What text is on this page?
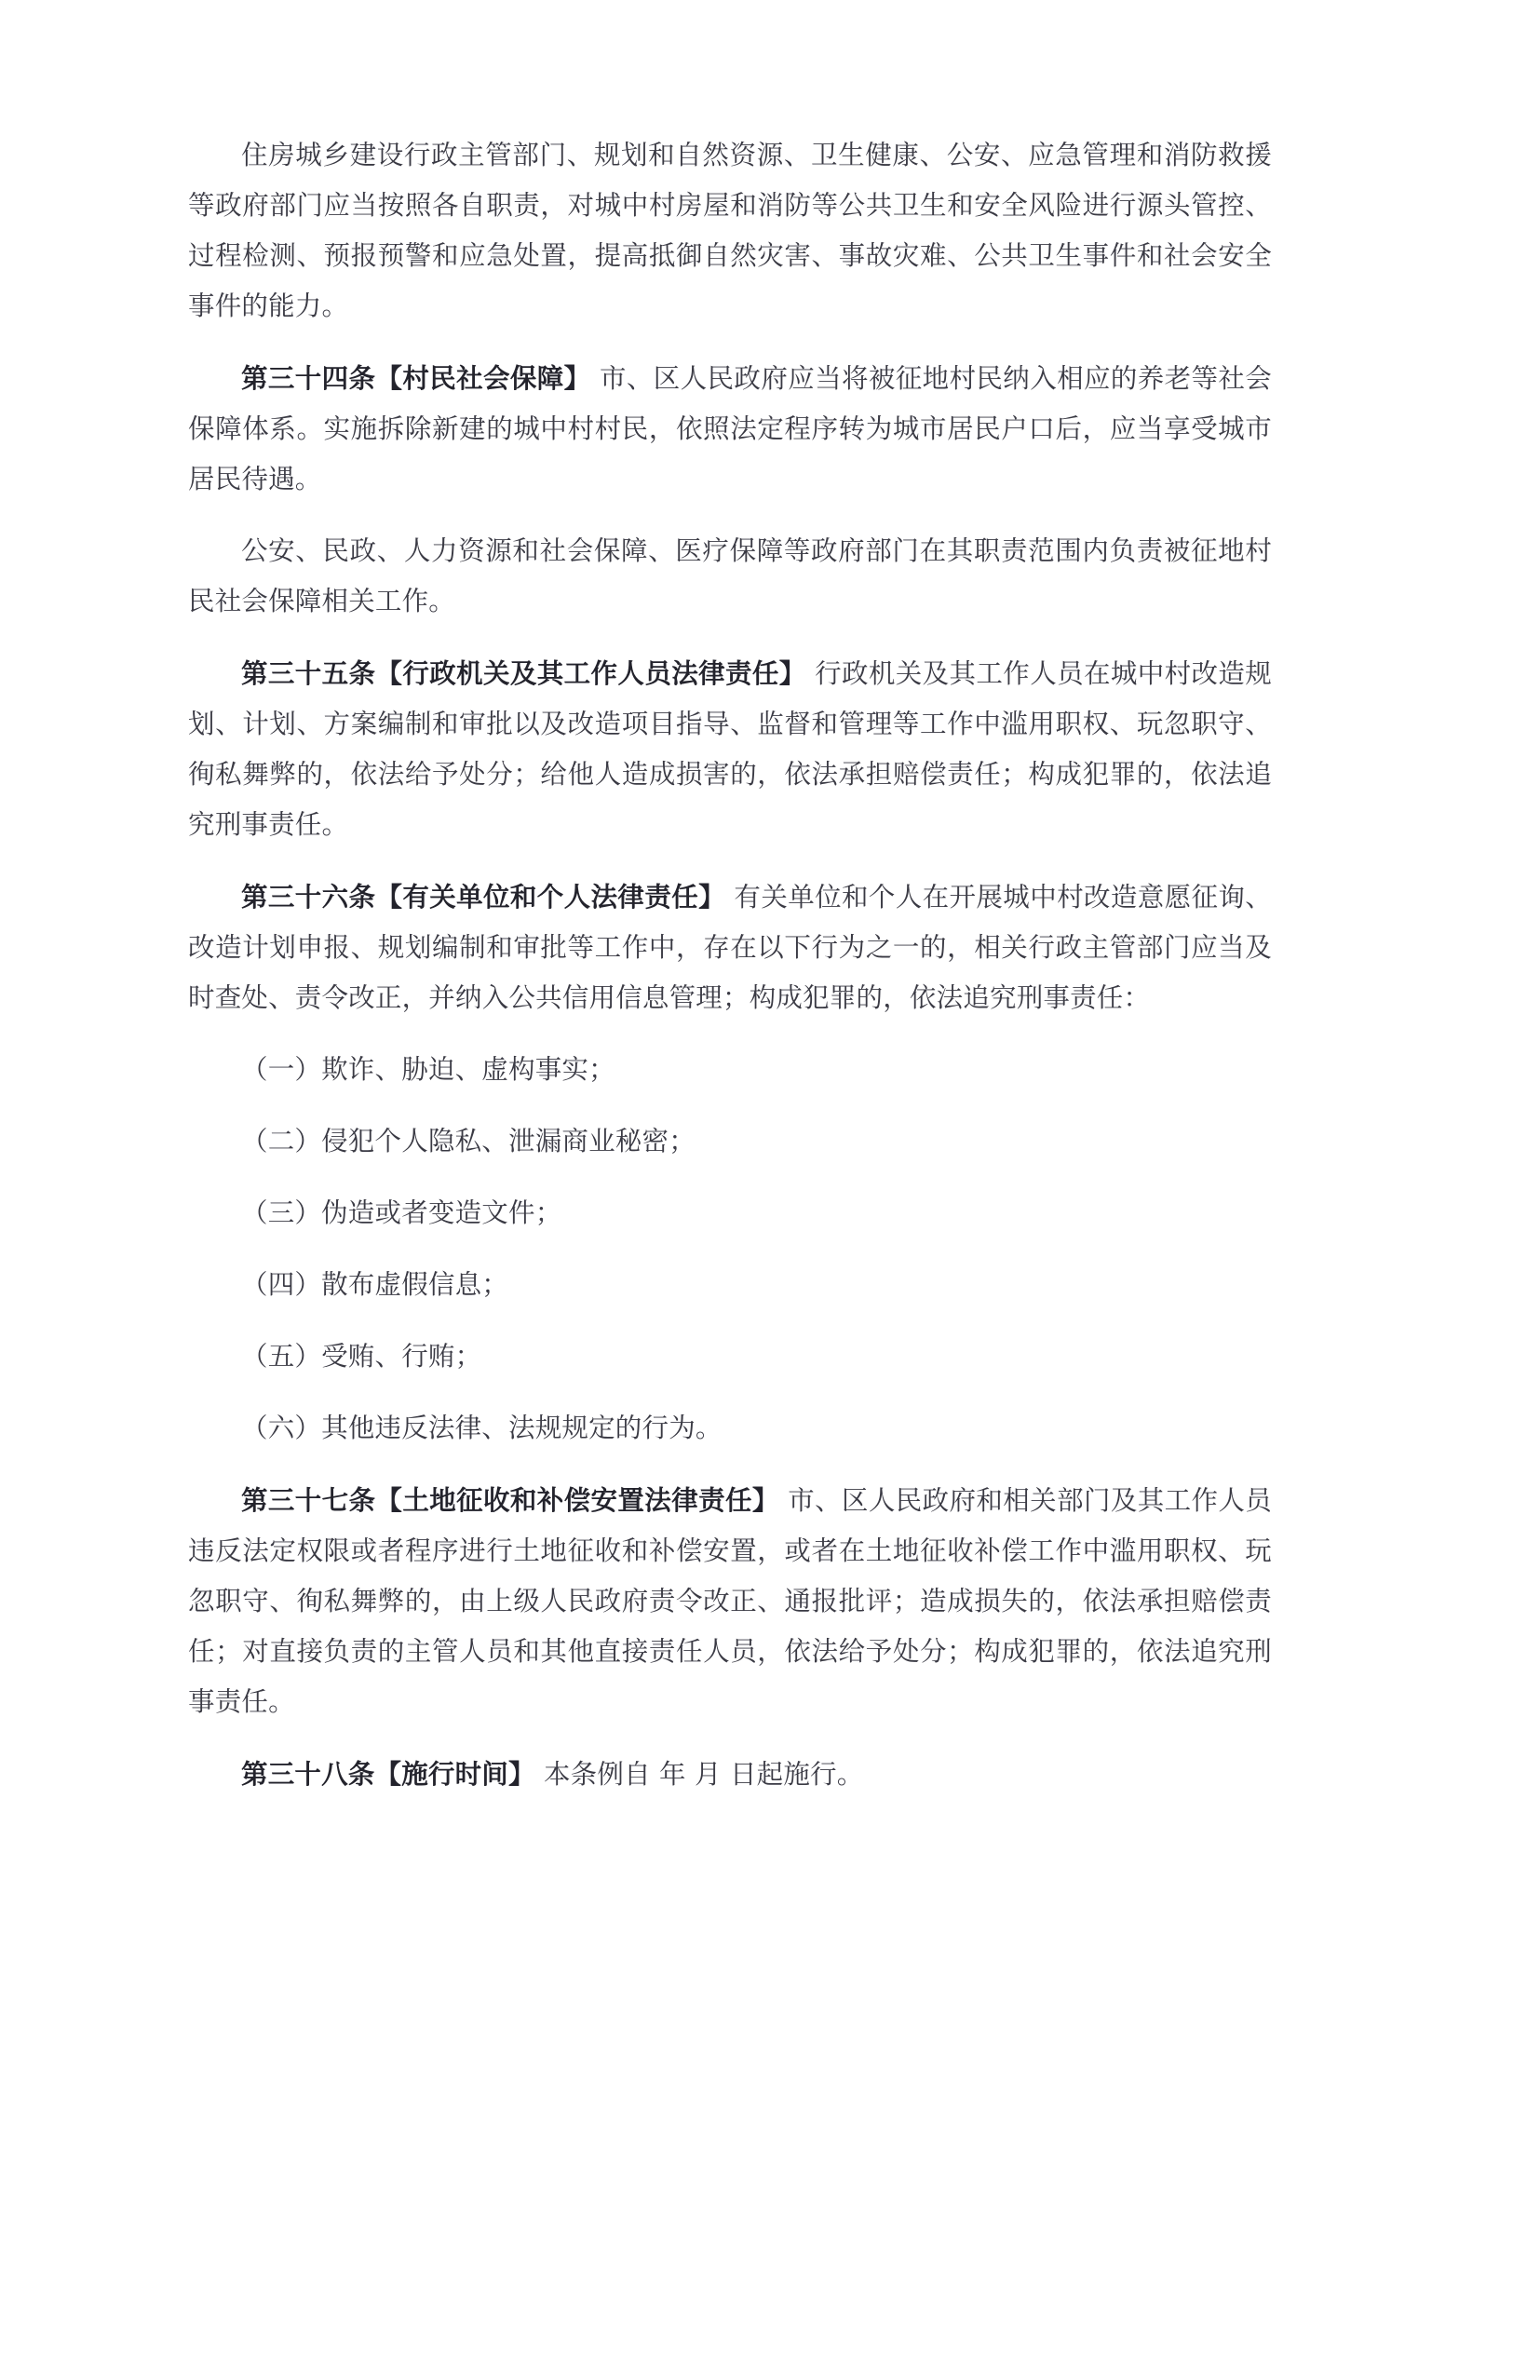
住房城乡建设行政主管部门、规划和自然资源、卫生健康、公安、应急管理和消防救援等政府部门应当按照各自职责，对城中村房屋和消防等公共卫生和安全风险进行源头管控、过程检测、预报预警和应急处置，提高抵御自然灾害、事故灾难、公共卫生事件和社会安全事件的能力。

第三十四条【村民社会保障】 市、区人民政府应当将被征地村民纳入相应的养老等社会保障体系。实施拆除新建的城中村村民，依照法定程序转为城市居民户口后，应当享受城市居民待遇。

公安、民政、人力资源和社会保障、医疗保障等政府部门在其职责范围内负责被征地村民社会保障相关工作。

第三十五条【行政机关及其工作人员法律责任】 行政机关及其工作人员在城中村改造规划、计划、方案编制和审批以及改造项目指导、监督和管理等工作中滥用职权、玩忽职守、徇私舞弊的，依法给予处分；给他人造成损害的，依法承担赔偿责任；构成犯罪的，依法追究刑事责任。

第三十六条【有关单位和个人法律责任】 有关单位和个人在开展城中村改造意愿征询、改造计划申报、规划编制和审批等工作中，存在以下行为之一的，相关行政主管部门应当及时查处、责令改正，并纳入公共信用信息管理；构成犯罪的，依法追究刑事责任：

（一）欺诈、胁迫、虚构事实；

（二）侵犯个人隐私、泄漏商业秘密；

（三）伪造或者变造文件；

（四）散布虚假信息；

（五）受贿、行贿；

（六）其他违反法律、法规规定的行为。

第三十七条【土地征收和补偿安置法律责任】 市、区人民政府和相关部门及其工作人员违反法定权限或者程序进行土地征收和补偿安置，或者在土地征收补偿工作中滥用职权、玩忽职守、徇私舞弊的，由上级人民政府责令改正、通报批评；造成损失的，依法承担赔偿责任；对直接负责的主管人员和其他直接责任人员，依法给予处分；构成犯罪的，依法追究刑事责任。

第三十八条【施行时间】 本条例自 年 月 日起施行。
